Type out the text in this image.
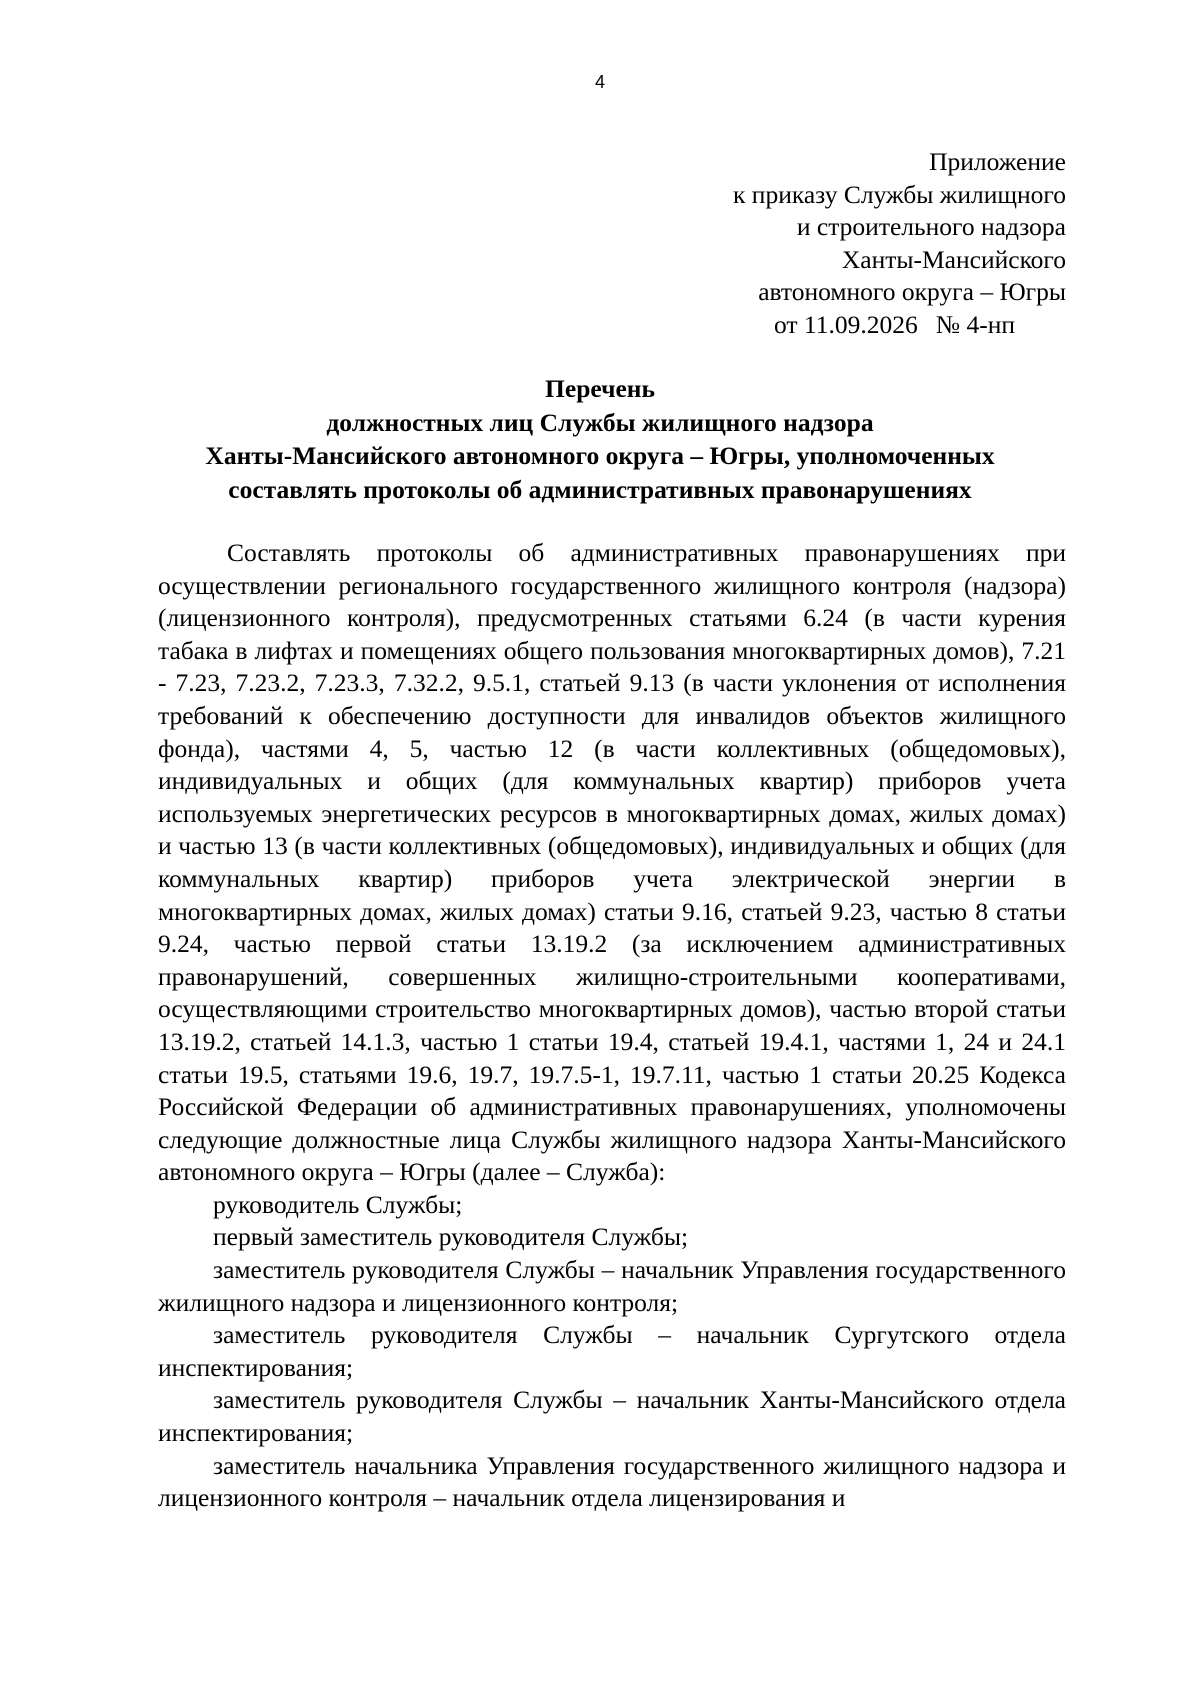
4
Приложение
к приказу Службы жилищного
и строительного надзора
Ханты-Мансийского
автономного округа – Югры
от 11.09.2026 № 4-нп
Перечень
должностных лиц Службы жилищного надзора
Ханты-Мансийского автономного округа – Югры, уполномоченных
составлять протоколы об административных правонарушениях

Составлять протоколы об административных правонарушениях при осуществлении регионального государственного жилищного контроля (надзора) (лицензионного контроля), предусмотренных статьями 6.24 (в части курения табака в лифтах и помещениях общего пользования многоквартирных домов), 7.21 - 7.23, 7.23.2, 7.23.3, 7.32.2, 9.5.1, статьей 9.13 (в части уклонения от исполнения требований к обеспечению доступности для инвалидов объектов жилищного фонда), частями 4, 5, частью 12 (в части коллективных (общедомовых), индивидуальных и общих (для коммунальных квартир) приборов учета используемых энергетических ресурсов в многоквартирных домах, жилых домах) и частью 13 (в части коллективных (общедомовых), индивидуальных и общих (для коммунальных квартир) приборов учета электрической энергии в многоквартирных домах, жилых домах) статьи 9.16, статьей 9.23, частью 8 статьи 9.24, частью первой статьи 13.19.2 (за исключением административных правонарушений, совершенных жилищно-строительными кооперативами, осуществляющими строительство многоквартирных домов), частью второй статьи 13.19.2, статьей 14.1.3, частью 1 статьи 19.4, статьей 19.4.1, частями 1, 24 и 24.1 статьи 19.5, статьями 19.6, 19.7, 19.7.5-1, 19.7.11, частью 1 статьи 20.25 Кодекса Российской Федерации об административных правонарушениях, уполномочены следующие должностные лица Службы жилищного надзора Ханты-Мансийского автономного округа – Югры (далее – Служба):

руководитель Службы;

первый заместитель руководителя Службы;

заместитель руководителя Службы – начальник Управления государственного жилищного надзора и лицензионного контроля;

заместитель руководителя Службы – начальник Сургутского отдела инспектирования;

заместитель руководителя Службы – начальник Ханты-Мансийского отдела инспектирования;

заместитель начальника Управления государственного жилищного надзора и лицензионного контроля – начальник отдела лицензирования и
